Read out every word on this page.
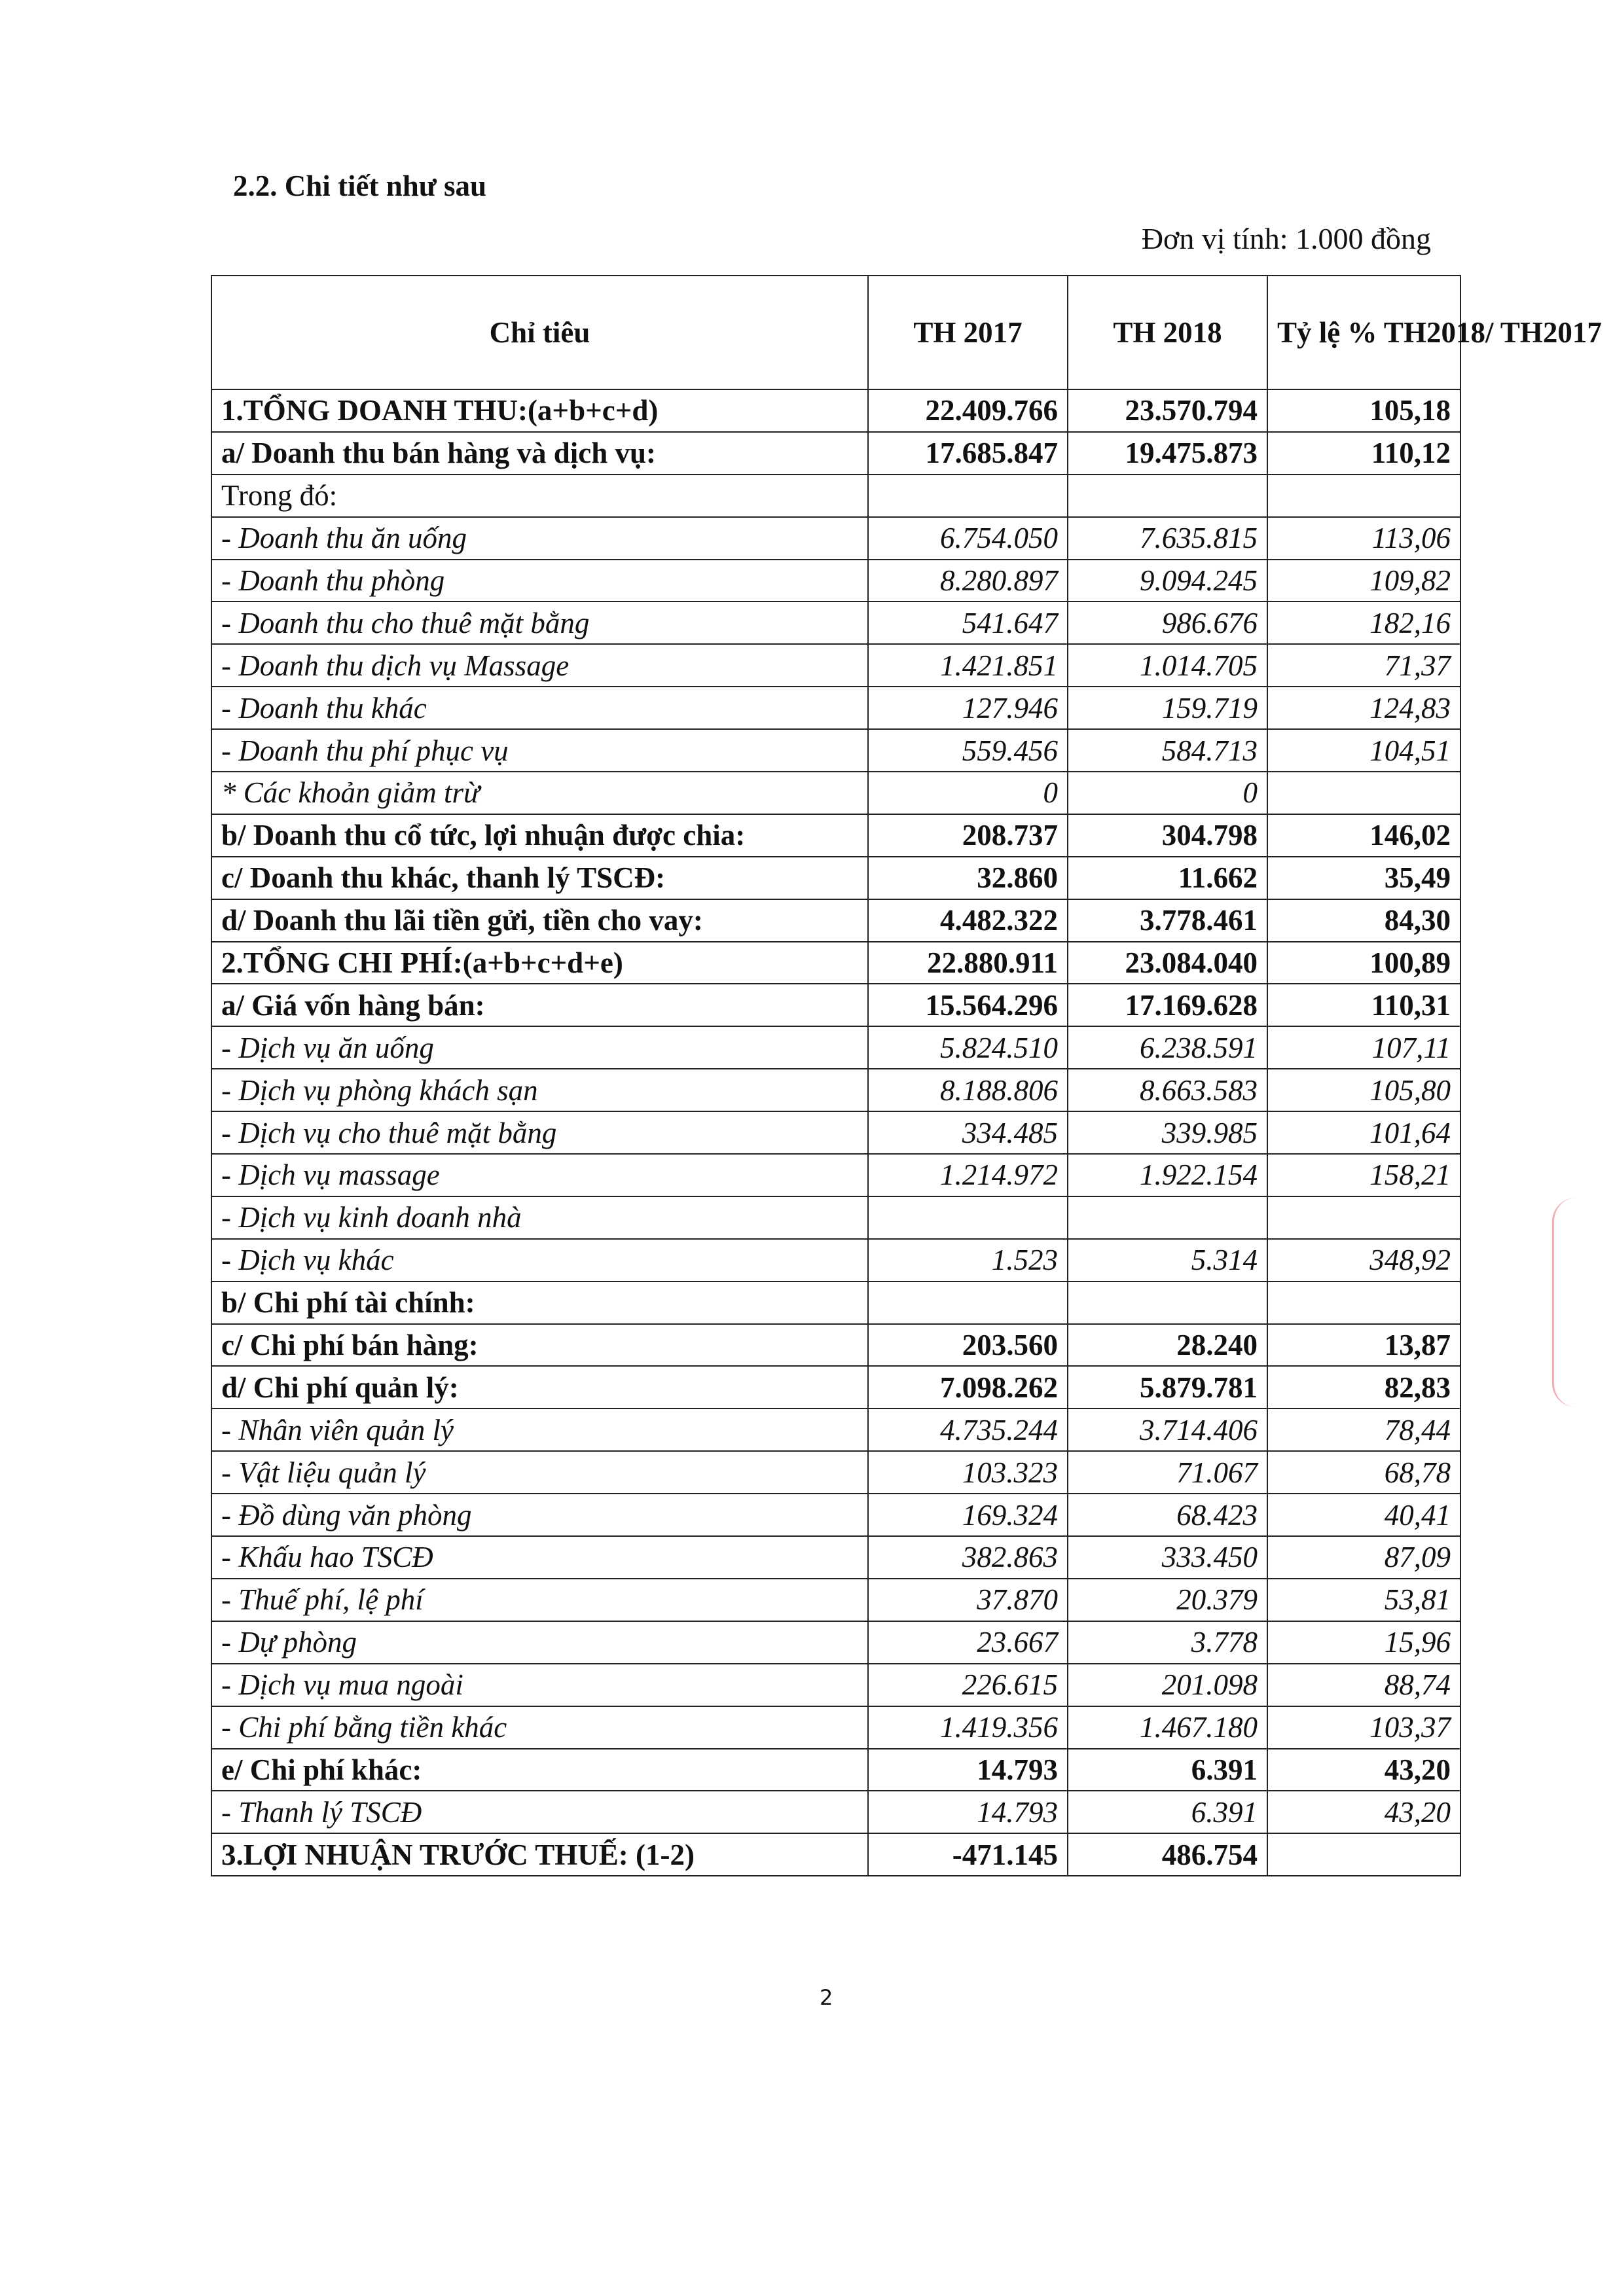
2.2. Chi tiết như sau
Đơn vị tính: 1.000 đồng
Chỉ tiêu	TH 2017	TH 2018	Tỷ lệ % TH2018/ TH2017
1.TỔNG DOANH THU:(a+b+c+d)	22.409.766	23.570.794	105,18
a/ Doanh thu bán hàng và dịch vụ:	17.685.847	19.475.873	110,12
Trong đó:			
- Doanh thu ăn uống	6.754.050	7.635.815	113,06
- Doanh thu phòng	8.280.897	9.094.245	109,82
- Doanh thu cho thuê mặt bằng	541.647	986.676	182,16
- Doanh thu dịch vụ Massage	1.421.851	1.014.705	71,37
- Doanh thu khác	127.946	159.719	124,83
- Doanh thu phí phục vụ	559.456	584.713	104,51
* Các khoản giảm trừ	0	0	
b/ Doanh thu cổ tức, lợi nhuận được chia:	208.737	304.798	146,02
c/ Doanh thu khác, thanh lý TSCĐ:	32.860	11.662	35,49
d/ Doanh thu lãi tiền gửi, tiền cho vay:	4.482.322	3.778.461	84,30
2.TỔNG CHI PHÍ:(a+b+c+d+e)	22.880.911	23.084.040	100,89
a/ Giá vốn hàng bán:	15.564.296	17.169.628	110,31
- Dịch vụ ăn uống	5.824.510	6.238.591	107,11
- Dịch vụ phòng khách sạn	8.188.806	8.663.583	105,80
- Dịch vụ cho thuê mặt bằng	334.485	339.985	101,64
- Dịch vụ massage	1.214.972	1.922.154	158,21
- Dịch vụ kinh doanh nhà			
- Dịch vụ khác	1.523	5.314	348,92
b/ Chi phí tài chính:			
c/ Chi phí bán hàng:	203.560	28.240	13,87
d/ Chi phí quản lý:	7.098.262	5.879.781	82,83
- Nhân viên quản lý	4.735.244	3.714.406	78,44
- Vật liệu quản lý	103.323	71.067	68,78
- Đồ dùng văn phòng	169.324	68.423	40,41
- Khấu hao TSCĐ	382.863	333.450	87,09
- Thuế phí, lệ phí	37.870	20.379	53,81
- Dự phòng	23.667	3.778	15,96
- Dịch vụ mua ngoài	226.615	201.098	88,74
- Chi phí bằng tiền khác	1.419.356	1.467.180	103,37
e/ Chi phí khác:	14.793	6.391	43,20
- Thanh lý TSCĐ	14.793	6.391	43,20
3.LỢI NHUẬN TRƯỚC THUẾ: (1-2)	-471.145	486.754	
2
